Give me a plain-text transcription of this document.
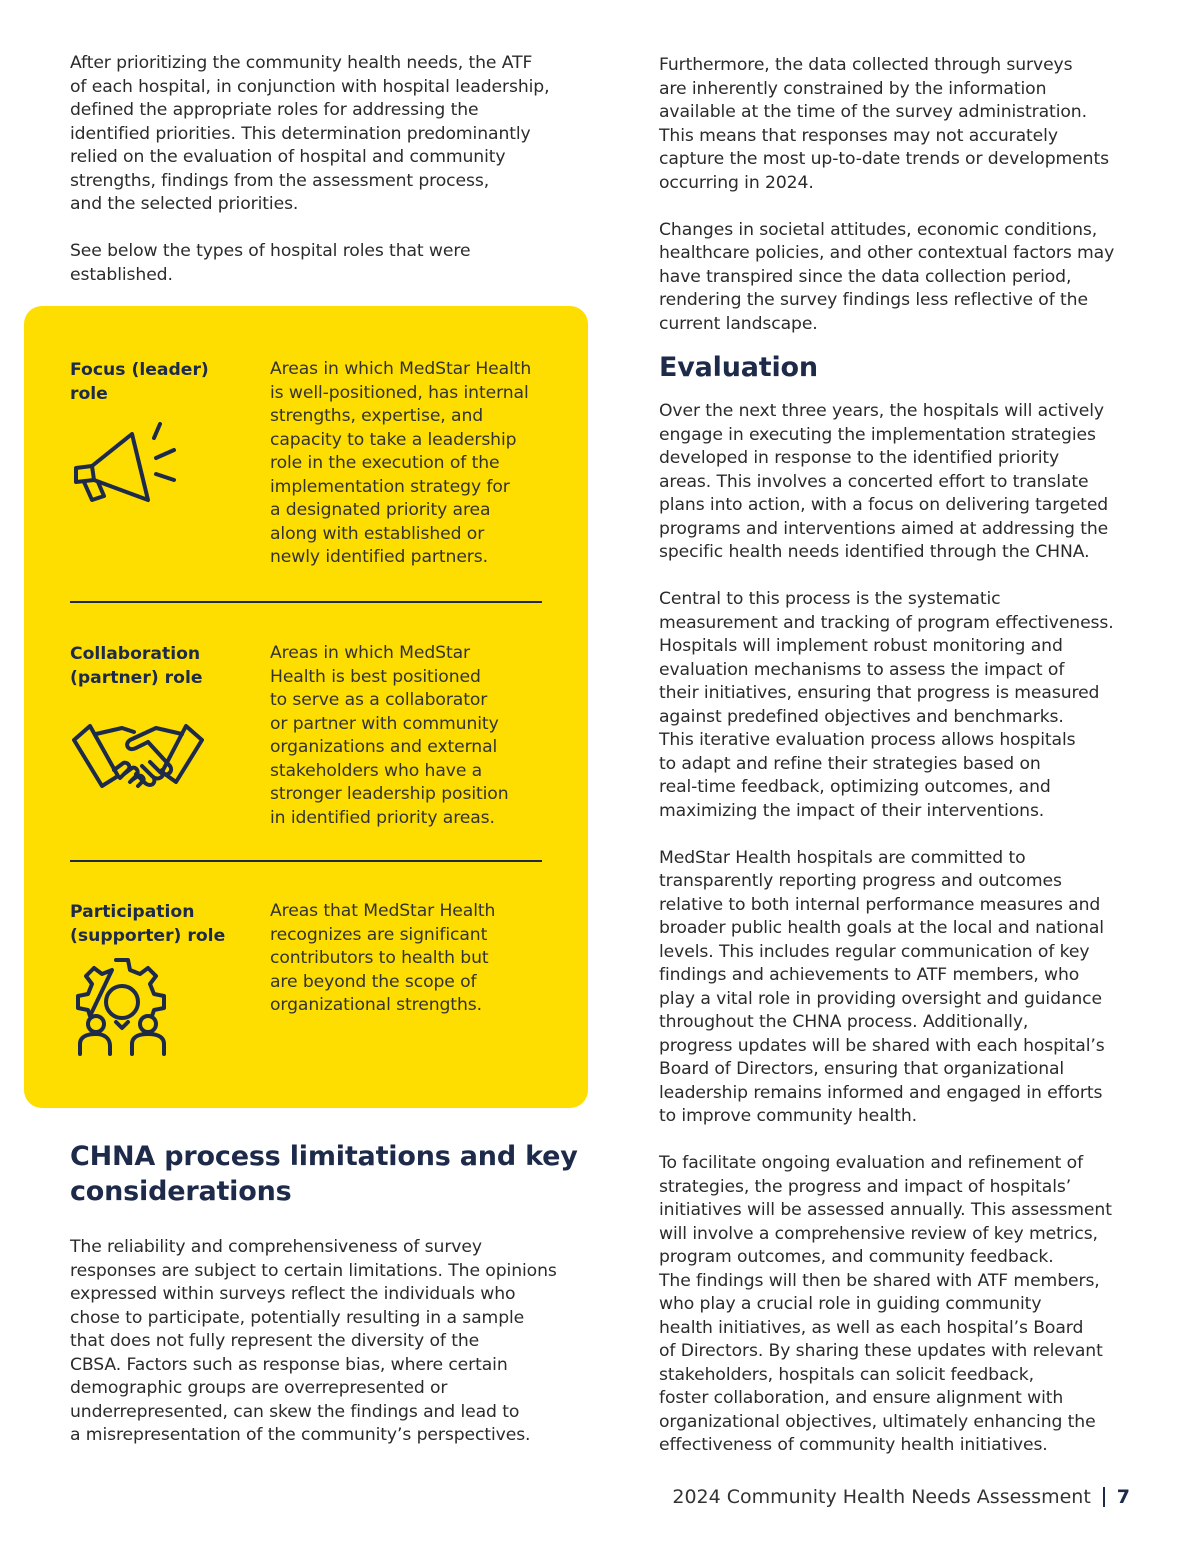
After prioritizing the community health needs, the ATF
of each hospital, in conjunction with hospital leadership,
defined the appropriate roles for addressing the
identified priorities. This determination predominantly
relied on the evaluation of hospital and community
strengths, findings from the assessment process,
and the selected priorities.

See below the types of hospital roles that were
established.

Focus (leader)
role
Areas in which MedStar Health
is well-positioned, has internal
strengths, expertise, and
capacity to take a leadership
role in the execution of the
implementation strategy for
a designated priority area
along with established or
newly identified partners.
Collaboration
(partner) role
Areas in which MedStar
Health is best positioned
to serve as a collaborator
or partner with community
organizations and external
stakeholders who have a
stronger leadership position
in identified priority areas.
Participation
(supporter) role
Areas that MedStar Health
recognizes are significant
contributors to health but
are beyond the scope of
organizational strengths.
CHNA process limitations and key
considerations

The reliability and comprehensiveness of survey
responses are subject to certain limitations. The opinions
expressed within surveys reflect the individuals who
chose to participate, potentially resulting in a sample
that does not fully represent the diversity of the
CBSA. Factors such as response bias, where certain
demographic groups are overrepresented or
underrepresented, can skew the findings and lead to
a misrepresentation of the community’s perspectives.

Furthermore, the data collected through surveys
are inherently constrained by the information
available at the time of the survey administration.
This means that responses may not accurately
capture the most up-to-date trends or developments
occurring in 2024.

Changes in societal attitudes, economic conditions,
healthcare policies, and other contextual factors may
have transpired since the data collection period,
rendering the survey findings less reflective of the
current landscape.

Evaluation

Over the next three years, the hospitals will actively
engage in executing the implementation strategies
developed in response to the identified priority
areas. This involves a concerted effort to translate
plans into action, with a focus on delivering targeted
programs and interventions aimed at addressing the
specific health needs identified through the CHNA.

Central to this process is the systematic
measurement and tracking of program effectiveness.
Hospitals will implement robust monitoring and
evaluation mechanisms to assess the impact of
their initiatives, ensuring that progress is measured
against predefined objectives and benchmarks.
This iterative evaluation process allows hospitals
to adapt and refine their strategies based on
real-time feedback, optimizing outcomes, and
maximizing the impact of their interventions.

MedStar Health hospitals are committed to
transparently reporting progress and outcomes
relative to both internal performance measures and
broader public health goals at the local and national
levels. This includes regular communication of key
findings and achievements to ATF members, who
play a vital role in providing oversight and guidance
throughout the CHNA process. Additionally,
progress updates will be shared with each hospital’s
Board of Directors, ensuring that organizational
leadership remains informed and engaged in efforts
to improve community health.

To facilitate ongoing evaluation and refinement of
strategies, the progress and impact of hospitals’
initiatives will be assessed annually. This assessment
will involve a comprehensive review of key metrics,
program outcomes, and community feedback.
The findings will then be shared with ATF members,
who play a crucial role in guiding community
health initiatives, as well as each hospital’s Board
of Directors. By sharing these updates with relevant
stakeholders, hospitals can solicit feedback,
foster collaboration, and ensure alignment with
organizational objectives, ultimately enhancing the
effectiveness of community health initiatives.

2024 Community Health Needs Assessment 7
